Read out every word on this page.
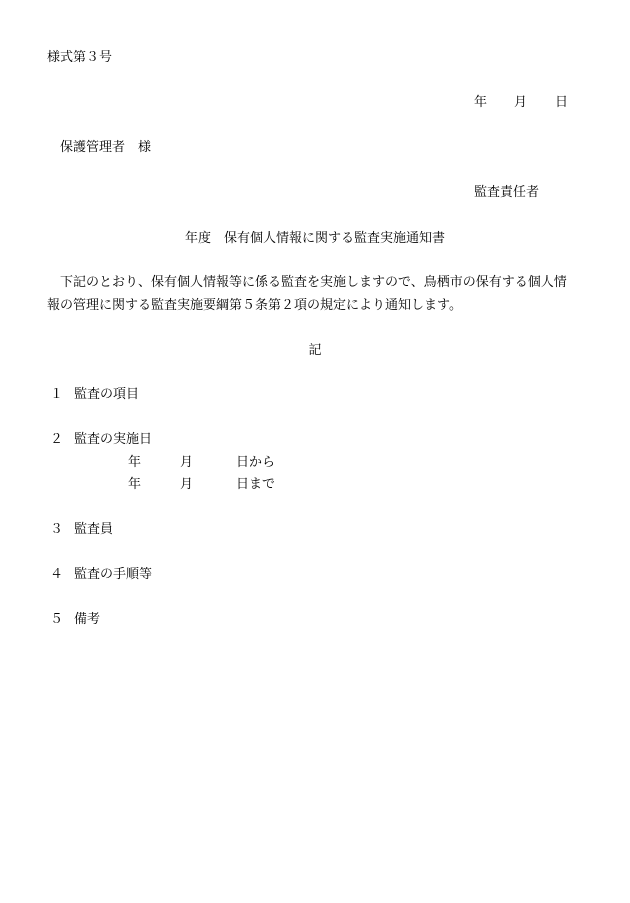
様式第３号
年 月 日
保護管理者　様
監査責任者
年度　保有個人情報に関する監査実施通知書
下記のとおり、保有個人情報等に係る監査を実施しますので、鳥栖市の保有する個人情
報の管理に関する監査実施要綱第５条第２項の規定により通知します。
記
１ 監査の項目
２ 監査の実施日
年	月	日から
年	月	日まで
３ 監査員
４ 監査の手順等
５ 備考
